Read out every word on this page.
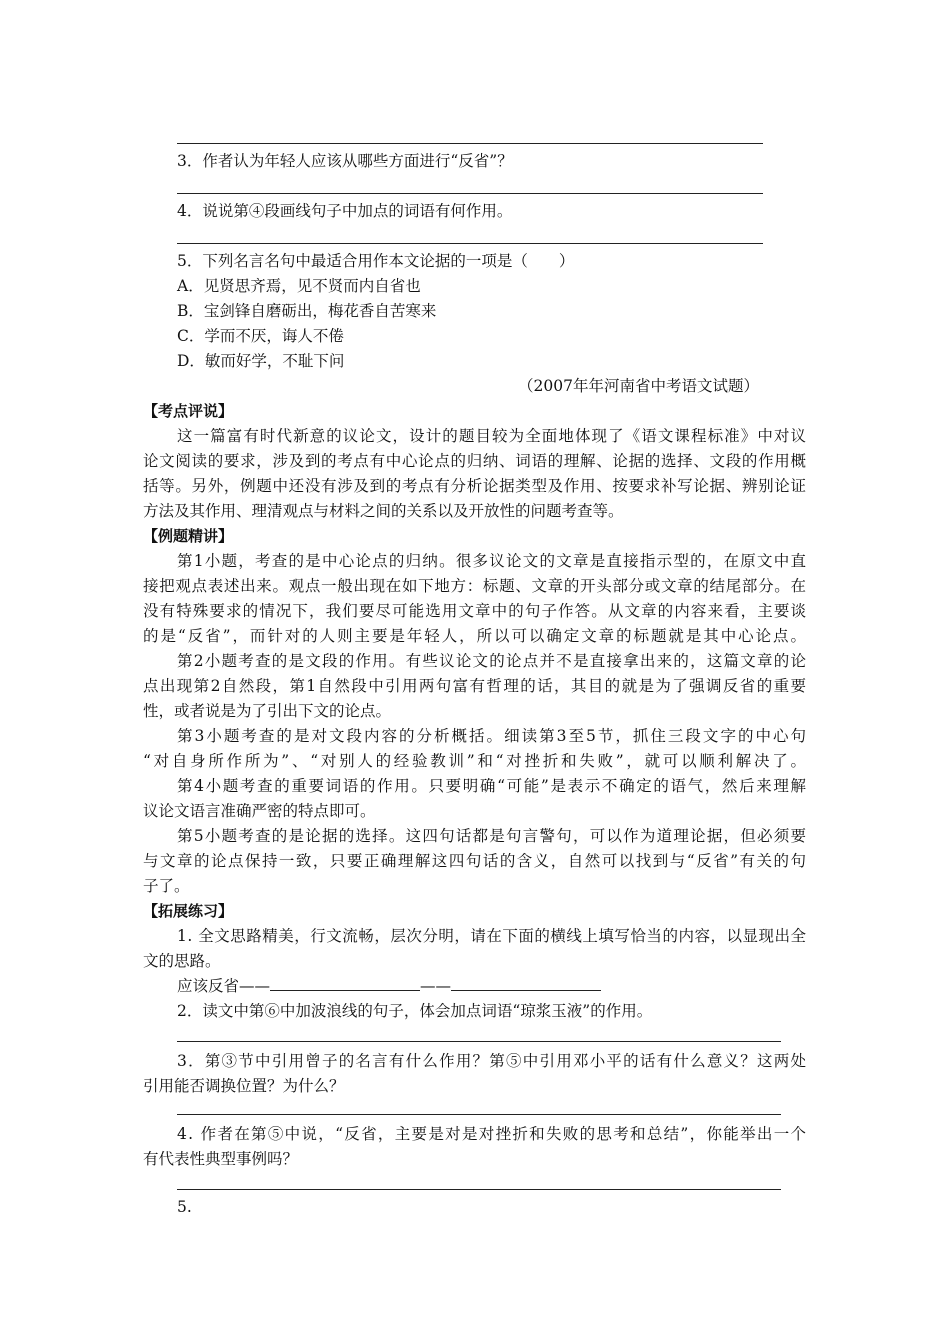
3．作者认为年轻人应该从哪些方面进行“反省”？
4．说说第④段画线句子中加点的词语有何作用。
5．下列名言名句中最适合用作本文论据的一项是（　　）
A．见贤思齐焉，见不贤而内自省也
B．宝剑锋自磨砺出，梅花香自苦寒来
C．学而不厌，诲人不倦
D．敏而好学，不耻下问
（2007年年河南省中考语文试题）
【考点评说】
这一篇富有时代新意的议论文，设计的题目较为全面地体现了《语文课程标准》中对议
论文阅读的要求，涉及到的考点有中心论点的归纳、词语的理解、论据的选择、文段的作用概
括等。另外，例题中还没有涉及到的考点有分析论据类型及作用、按要求补写论据、辨别论证
方法及其作用、理清观点与材料之间的关系以及开放性的问题考查等。
【例题精讲】
第1小题，考查的是中心论点的归纳。很多议论文的文章是直接指示型的，在原文中直
接把观点表述出来。观点一般出现在如下地方：标题、文章的开头部分或文章的结尾部分。在
没有特殊要求的情况下，我们要尽可能选用文章中的句子作答。从文章的内容来看，主要谈
的是“反省”，而针对的人则主要是年轻人，所以可以确定文章的标题就是其中心论点。
第2小题考查的是文段的作用。有些议论文的论点并不是直接拿出来的，这篇文章的论
点出现第2自然段，第1自然段中引用两句富有哲理的话，其目的就是为了强调反省的重要
性，或者说是为了引出下文的论点。
第3小题考查的是对文段内容的分析概括。细读第3至5节，抓住三段文字的中心句
“对自身所作所为”、“对别人的经验教训”和“对挫折和失败”，就可以顺利解决了。
第4小题考查的重要词语的作用。只要明确“可能”是表示不确定的语气，然后来理解
议论文语言准确严密的特点即可。
第5小题考查的是论据的选择。这四句话都是句言警句，可以作为道理论据，但必须要
与文章的论点保持一致，只要正确理解这四句话的含义，自然可以找到与“反省”有关的句
子了。
【拓展练习】
1. 全文思路精美，行文流畅，层次分明，请在下面的横线上填写恰当的内容，以显现出全
文的思路。
应该反省——	——
2．读文中第⑥中加波浪线的句子，体会加点词语“琼浆玉液”的作用。
3．第③节中引用曾子的名言有什么作用？第⑤中引用邓小平的话有什么意义？这两处
引用能否调换位置？为什么？
4. 作者在第⑤中说，“反省，主要是对是对挫折和失败的思考和总结”，你能举出一个
有代表性典型事例吗？
5.
